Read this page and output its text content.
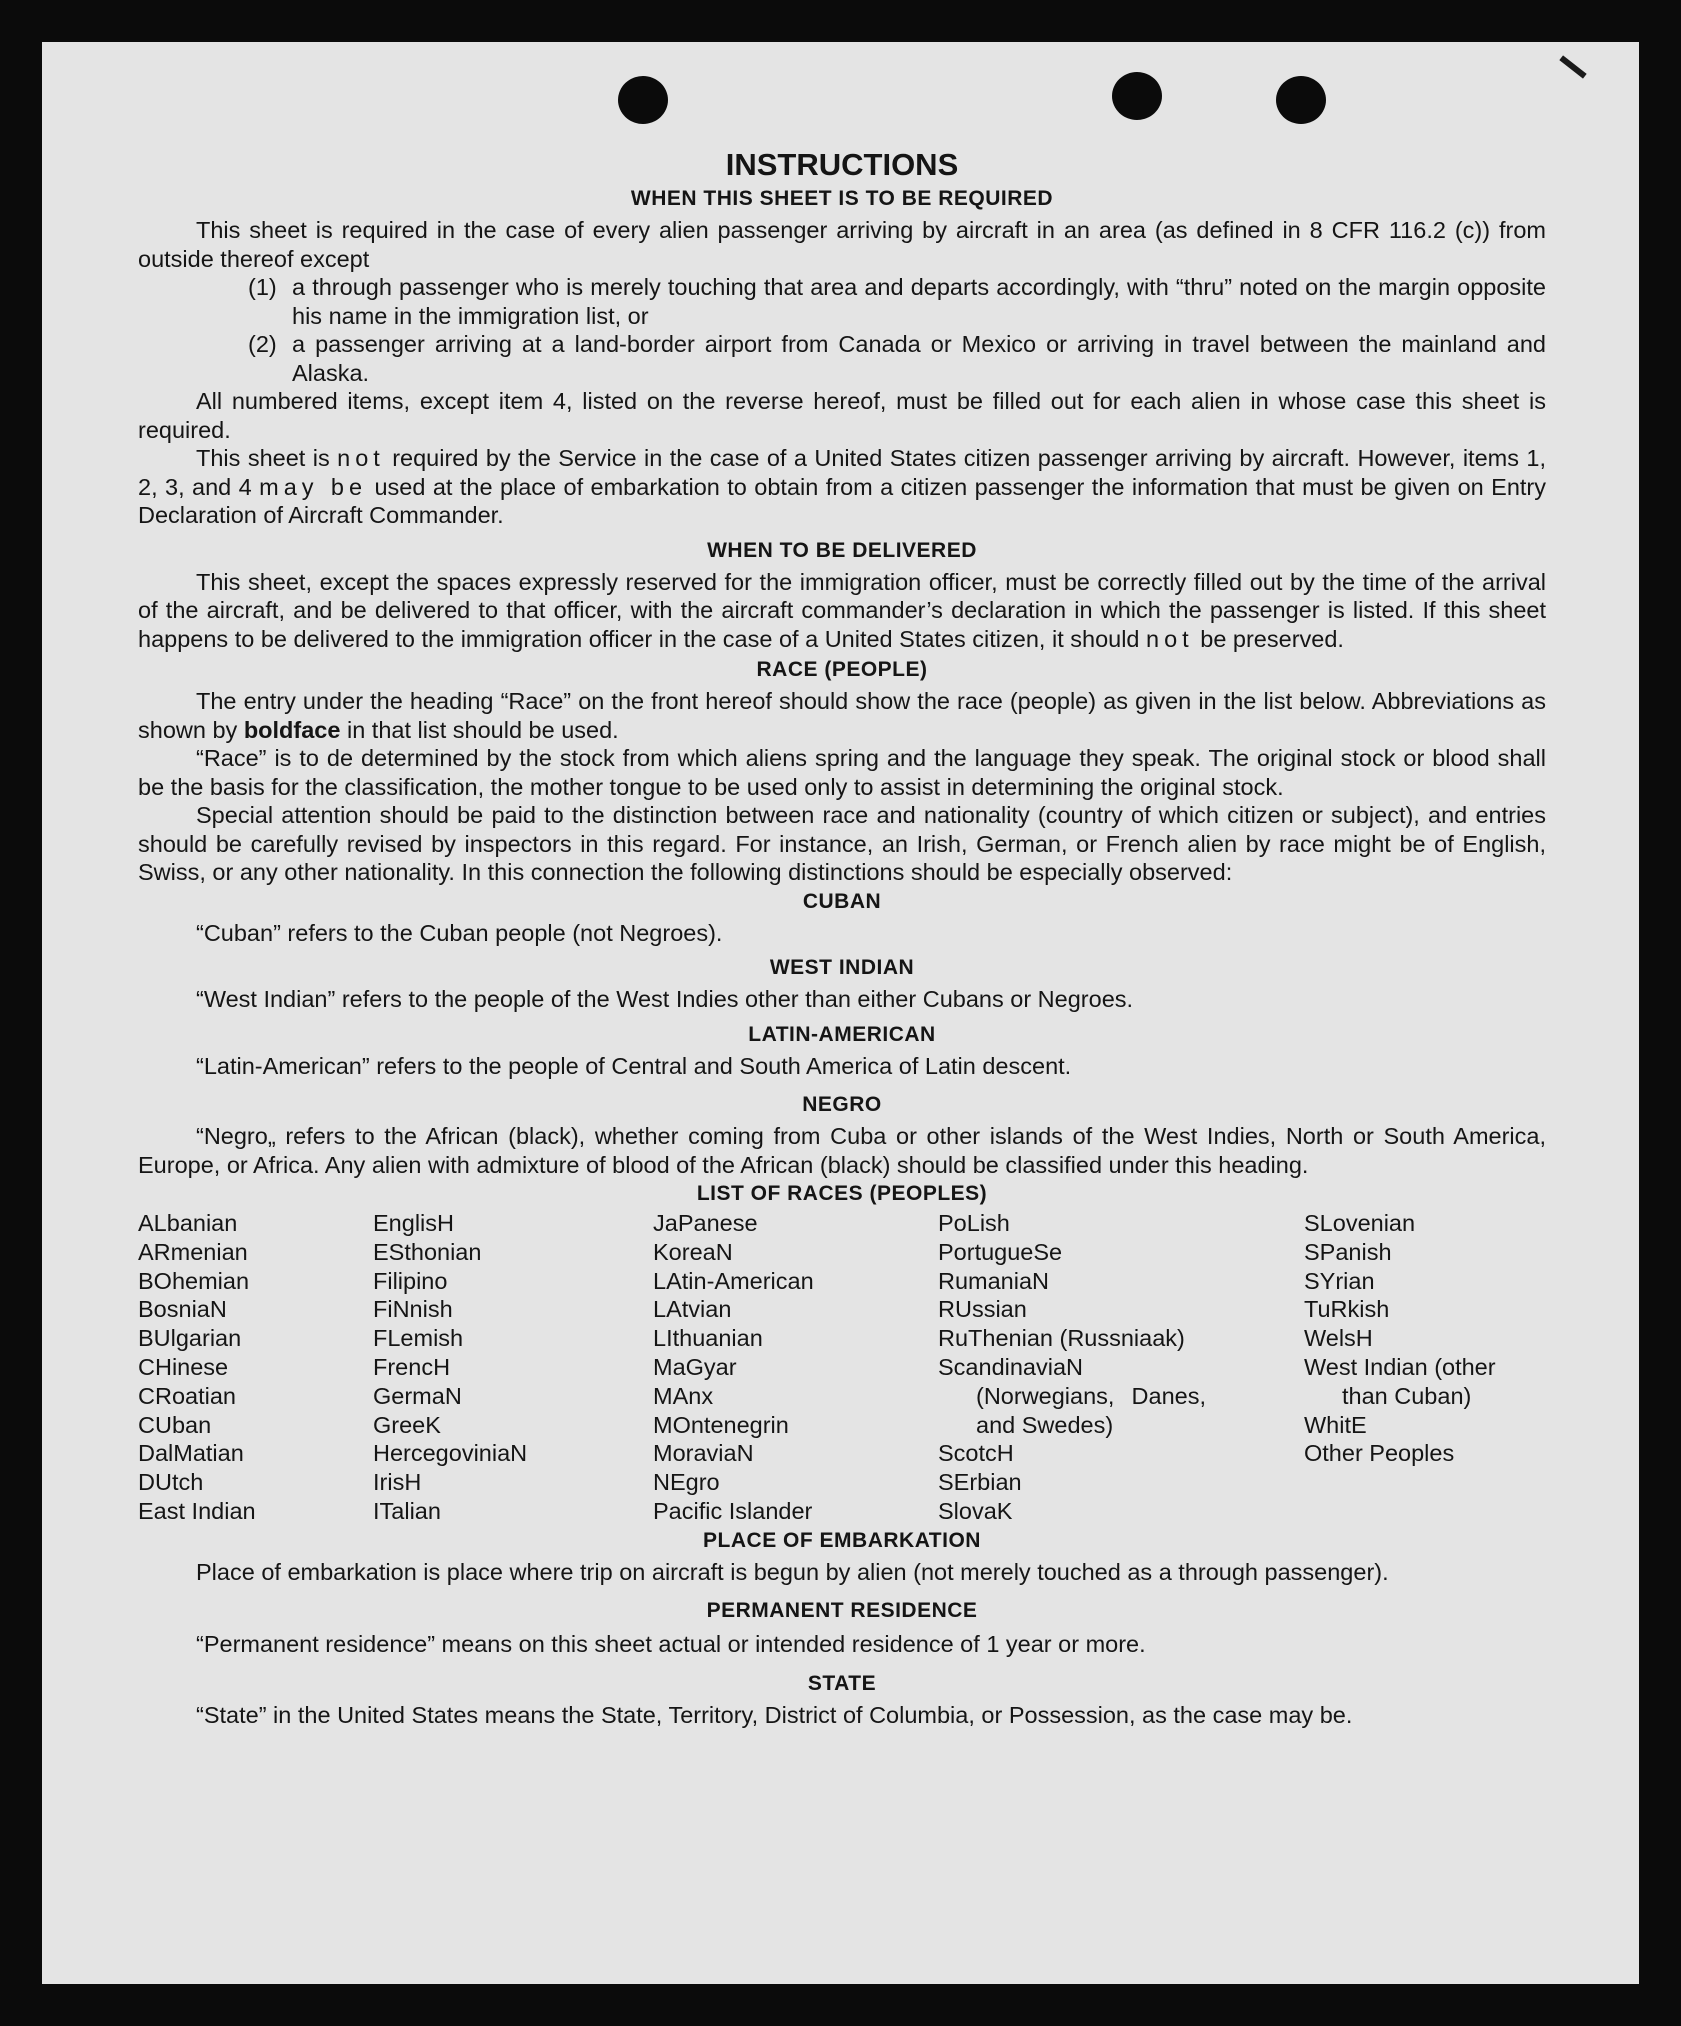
INSTRUCTIONS
WHEN THIS SHEET IS TO BE REQUIRED

This sheet is required in the case of every alien passenger arriving by aircraft in an area (as defined in 8 CFR 116.2 (c)) from outside thereof except

(1) a through passenger who is merely touching that area and departs accordingly, with “thru” noted on the margin opposite his name in the immigration list, or
(2) a passenger arriving at a land-border airport from Canada or Mexico or arriving in travel between the mainland and Alaska.

All numbered items, except item 4, listed on the reverse hereof, must be filled out for each alien in whose case this sheet is required.

This sheet is not required by the Service in the case of a United States citizen passenger arriving by aircraft. However, items 1, 2, 3, and 4 may be used at the place of embarkation to obtain from a citizen passenger the information that must be given on Entry Declaration of Aircraft Commander.

WHEN TO BE DELIVERED

This sheet, except the spaces expressly reserved for the immigration officer, must be correctly filled out by the time of the arrival of the aircraft, and be delivered to that officer, with the aircraft commander’s declaration in which the passenger is listed. If this sheet happens to be delivered to the immigration officer in the case of a United States citizen, it should not be preserved.

RACE (PEOPLE)

The entry under the heading “Race” on the front hereof should show the race (people) as given in the list below. Abbreviations as shown by boldface in that list should be used.

“Race” is to de determined by the stock from which aliens spring and the language they speak. The original stock or blood shall be the basis for the classification, the mother tongue to be used only to assist in determining the original stock.

Special attention should be paid to the distinction between race and nationality (country of which citizen or subject), and entries should be carefully revised by inspectors in this regard. For instance, an Irish, German, or French alien by race might be of English, Swiss, or any other nationality. In this connection the following distinctions should be especially observed:

CUBAN

“Cuban” refers to the Cuban people (not Negroes).

WEST INDIAN

“West Indian” refers to the people of the West Indies other than either Cubans or Negroes.

LATIN-AMERICAN

“Latin-American” refers to the people of Central and South America of Latin descent.

NEGRO

“Negro„ refers to the African (black), whether coming from Cuba or other islands of the West Indies, North or South America, Europe, or Africa. Any alien with admixture of blood of the African (black) should be classified under this heading.

LIST OF RACES (PEOPLES)
ALbanian
ARmenian
BOhemian
BosniaN
BUlgarian
CHinese
CRoatian
CUban
DalMatian
DUtch
East Indian
EnglisH
ESthonian
Filipino
FiNnish
FLemish
FrencH
GermaN
GreeK
HercegoviniaN
IrisH
ITalian
JaPanese
KoreaN
LAtin-American
LAtvian
LIthuanian
MaGyar
MAnx
MOntenegrin
MoraviaN
NEgro
Pacific Islander
PoLish
PortugueSe
RumaniaN
RUssian
RuThenian (Russniaak)
ScandinaviaN (Norwegians, Danes, and Swedes)
ScotcH
SErbian
SlovaK
SLovenian
SPanish
SYrian
TuRkish
WelsH
West Indian (other than Cuban)
WhitE
Other Peoples
PLACE OF EMBARKATION

Place of embarkation is place where trip on aircraft is begun by alien (not merely touched as a through passenger).

PERMANENT RESIDENCE

“Permanent residence” means on this sheet actual or intended residence of 1 year or more.

STATE

“State” in the United States means the State, Territory, District of Columbia, or Possession, as the case may be.
